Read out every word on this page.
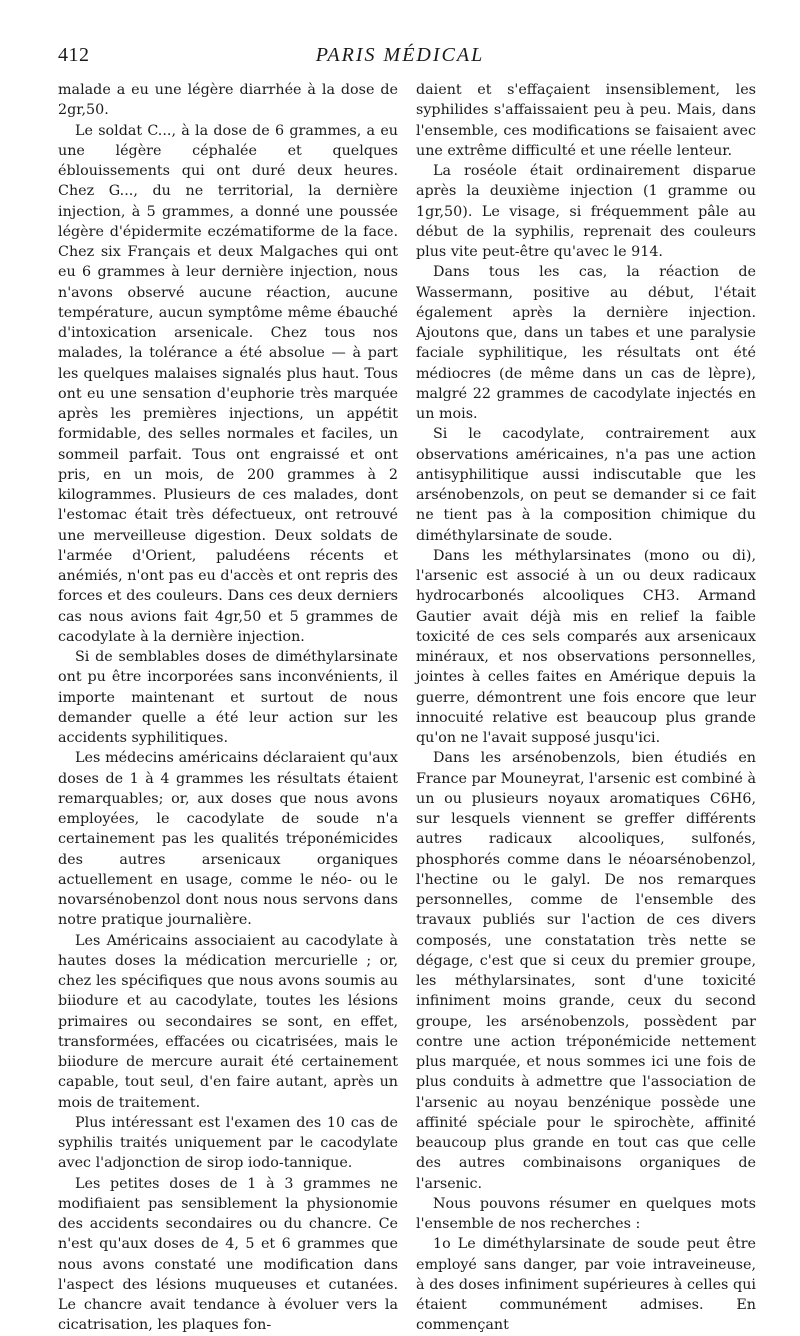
412	PARIS MÉDICAL

malade a eu une légère diarrhée à la dose de 2gr,50.

Le soldat C..., à la dose de 6 grammes, a eu une légère céphalée et quelques éblouissements qui ont duré deux heures. Chez G..., du ne territorial, la dernière injection, à 5 grammes, a donné une poussée légère d'épidermite eczématiforme de la face. Chez six Français et deux Malgaches qui ont eu 6 grammes à leur dernière injection, nous n'avons observé aucune réaction, aucune température, aucun symptôme même ébauché d'intoxication arsenicale. Chez tous nos malades, la tolérance a été absolue — à part les quelques malaises signalés plus haut. Tous ont eu une sensation d'euphorie très marquée après les premières injections, un appétit formidable, des selles normales et faciles, un sommeil parfait. Tous ont engraissé et ont pris, en un mois, de 200 grammes à 2 kilogrammes. Plusieurs de ces malades, dont l'estomac était très défectueux, ont retrouvé une merveilleuse digestion. Deux soldats de l'armée d'Orient, paludéens récents et anémiés, n'ont pas eu d'accès et ont repris des forces et des couleurs. Dans ces deux derniers cas nous avions fait 4gr,50 et 5 grammes de cacodylate à la dernière injection.

Si de semblables doses de diméthylarsinate ont pu être incorporées sans inconvénients, il importe maintenant et surtout de nous demander quelle a été leur action sur les accidents syphilitiques.

Les médecins américains déclaraient qu'aux doses de 1 à 4 grammes les résultats étaient remarquables; or, aux doses que nous avons employées, le cacodylate de soude n'a certainement pas les qualités tréponémicides des autres arsenicaux organiques actuellement en usage, comme le néo- ou le novarsénobenzol dont nous nous servons dans notre pratique journalière.

Les Américains associaient au cacodylate à hautes doses la médication mercurielle ; or, chez les spécifiques que nous avons soumis au biiodure et au cacodylate, toutes les lésions primaires ou secondaires se sont, en effet, transformées, effacées ou cicatrisées, mais le biiodure de mercure aurait été certainement capable, tout seul, d'en faire autant, après un mois de traitement.

Plus intéressant est l'examen des 10 cas de syphilis traités uniquement par le cacodylate avec l'adjonction de sirop iodo-tannique.

Les petites doses de 1 à 3 grammes ne modifiaient pas sensiblement la physionomie des accidents secondaires ou du chancre. Ce n'est qu'aux doses de 4, 5 et 6 grammes que nous avons constaté une modification dans l'aspect des lésions muqueuses et cutanées. Le chancre avait tendance à évoluer vers la cicatrisation, les plaques fon-

daient et s'effaçaient insensiblement, les syphilides s'affaissaient peu à peu. Mais, dans l'ensemble, ces modifications se faisaient avec une extrême difficulté et une réelle lenteur.

La roséole était ordinairement disparue après la deuxième injection (1 gramme ou 1gr,50). Le visage, si fréquemment pâle au début de la syphilis, reprenait des couleurs plus vite peut-être qu'avec le 914.

Dans tous les cas, la réaction de Wassermann, positive au début, l'était également après la dernière injection. Ajoutons que, dans un tabes et une paralysie faciale syphilitique, les résultats ont été médiocres (de même dans un cas de lèpre), malgré 22 grammes de cacodylate injectés en un mois.

Si le cacodylate, contrairement aux observations américaines, n'a pas une action antisyphilitique aussi indiscutable que les arsénobenzols, on peut se demander si ce fait ne tient pas à la composition chimique du diméthylarsinate de soude.

Dans les méthylarsinates (mono ou di), l'arsenic est associé à un ou deux radicaux hydrocarbonés alcooliques CH3. Armand Gautier avait déjà mis en relief la faible toxicité de ces sels comparés aux arsenicaux minéraux, et nos observations personnelles, jointes à celles faites en Amérique depuis la guerre, démontrent une fois encore que leur innocuité relative est beaucoup plus grande qu'on ne l'avait supposé jusqu'ici.

Dans les arsénobenzols, bien étudiés en France par Mouneyrat, l'arsenic est combiné à un ou plusieurs noyaux aromatiques C6H6, sur lesquels viennent se greffer différents autres radicaux alcooliques, sulfonés, phosphorés comme dans le néoarsénobenzol, l'hectine ou le galyl. De nos remarques personnelles, comme de l'ensemble des travaux publiés sur l'action de ces divers composés, une constatation très nette se dégage, c'est que si ceux du premier groupe, les méthylarsinates, sont d'une toxicité infiniment moins grande, ceux du second groupe, les arsénobenzols, possèdent par contre une action tréponémicide nettement plus marquée, et nous sommes ici une fois de plus conduits à admettre que l'association de l'arsenic au noyau benzénique possède une affinité spéciale pour le spirochète, affinité beaucoup plus grande en tout cas que celle des autres combinaisons organiques de l'arsenic.

Nous pouvons résumer en quelques mots l'ensemble de nos recherches :

1o Le diméthylarsinate de soude peut être employé sans danger, par voie intraveineuse, à des doses infiniment supérieures à celles qui étaient communément admises. En commençant
